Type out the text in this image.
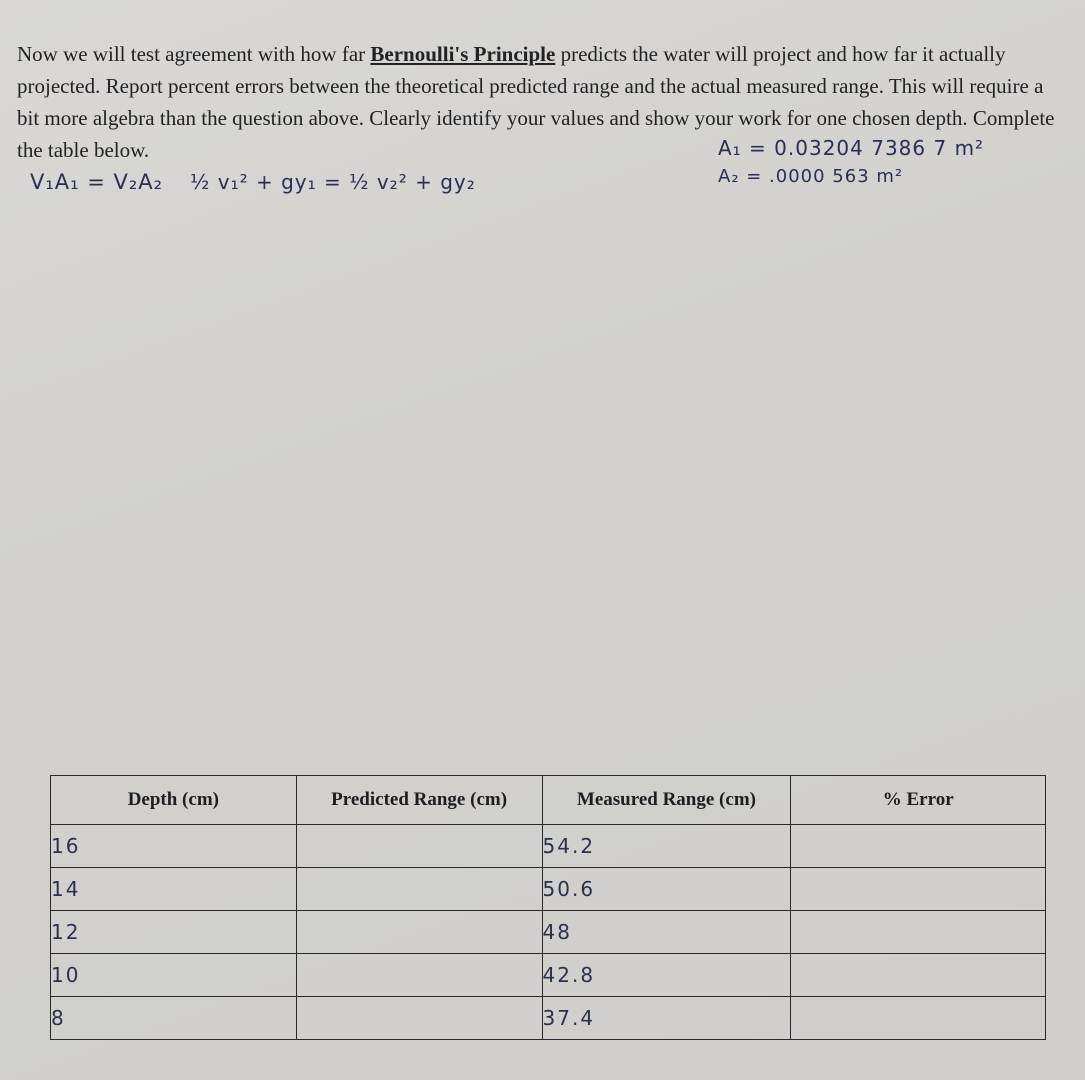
Now we will test agreement with how far Bernoulli's Principle predicts the water will project and how far it actually projected. Report percent errors between the theoretical predicted range and the actual measured range. This will require a bit more algebra than the question above. Clearly identify your values and show your work for one chosen depth. Complete the table below.	A₁ = 0.03204 7386 7 m²
A₂ = .0000 563 m²
V₁A₁ = V₂A₂ ½ v₁² + gy₁ = ½ v₂² + gy₂
Depth (cm)	Predicted Range (cm)	Measured Range (cm)	% Error
16		54.2	
14		50.6	
12		48	
10		42.8	
8		37.4	
